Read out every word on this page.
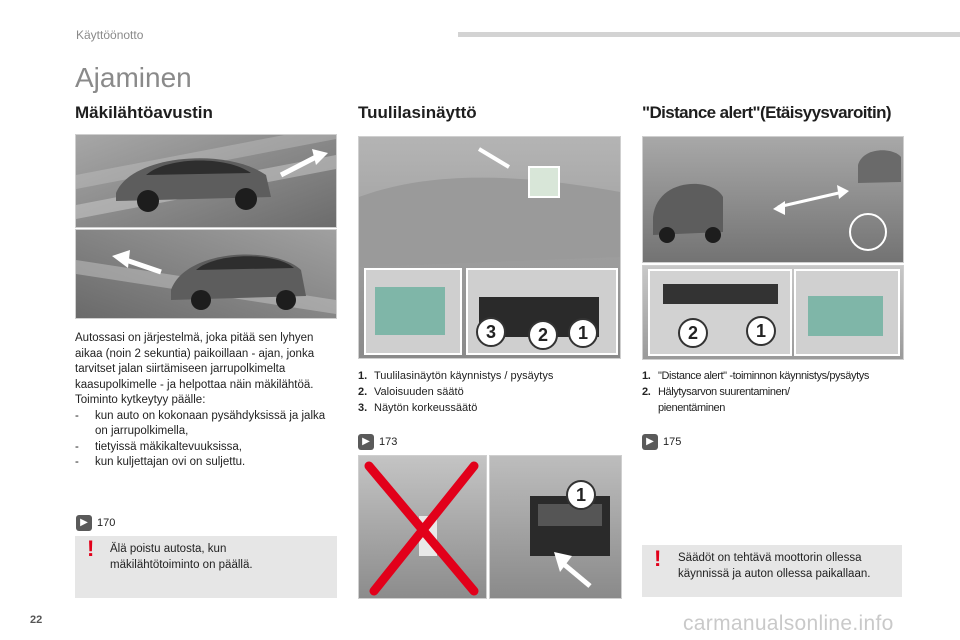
Käyttöönotto
Ajaminen
Mäkilähtöavustin	Tuulilasinäyttö	"Distance alert"(Etäisyysvaroitin)

Autossasi on järjestelmä, joka pitää sen lyhyen aikaa (noin 2 sekuntia) paikoillaan - ajan, jonka tarvitset jalan siirtämiseen jarrupolkimelta kaasupolkimelle - ja helpottaa näin mäkilähtöä.

Toiminto kytkeytyy päälle:

-	kun auto on kokonaan pysähdyksissä ja jalka on jarrupolkimella,
-	tietyissä mäkikaltevuuksissa,
-	kun kuljettajan ovi on suljettu.
▶ 170
! Älä poistu autosta, kun mäkilähtötoiminto on päällä.
3	2	1
1. Tuulilasinäytön käynnistys / pysäytys
2. Valoisuuden säätö
3. Näytön korkeussäätö
▶ 173
1
2	1
1. "Distance alert" -toiminnon käynnistys/pysäytys
2. Hälytysarvon suurentaminen/ pienentäminen
▶ 175
! Säädöt on tehtävä moottorin ollessa käynnissä ja auton ollessa paikallaan.
22	carmanualsonline.info
